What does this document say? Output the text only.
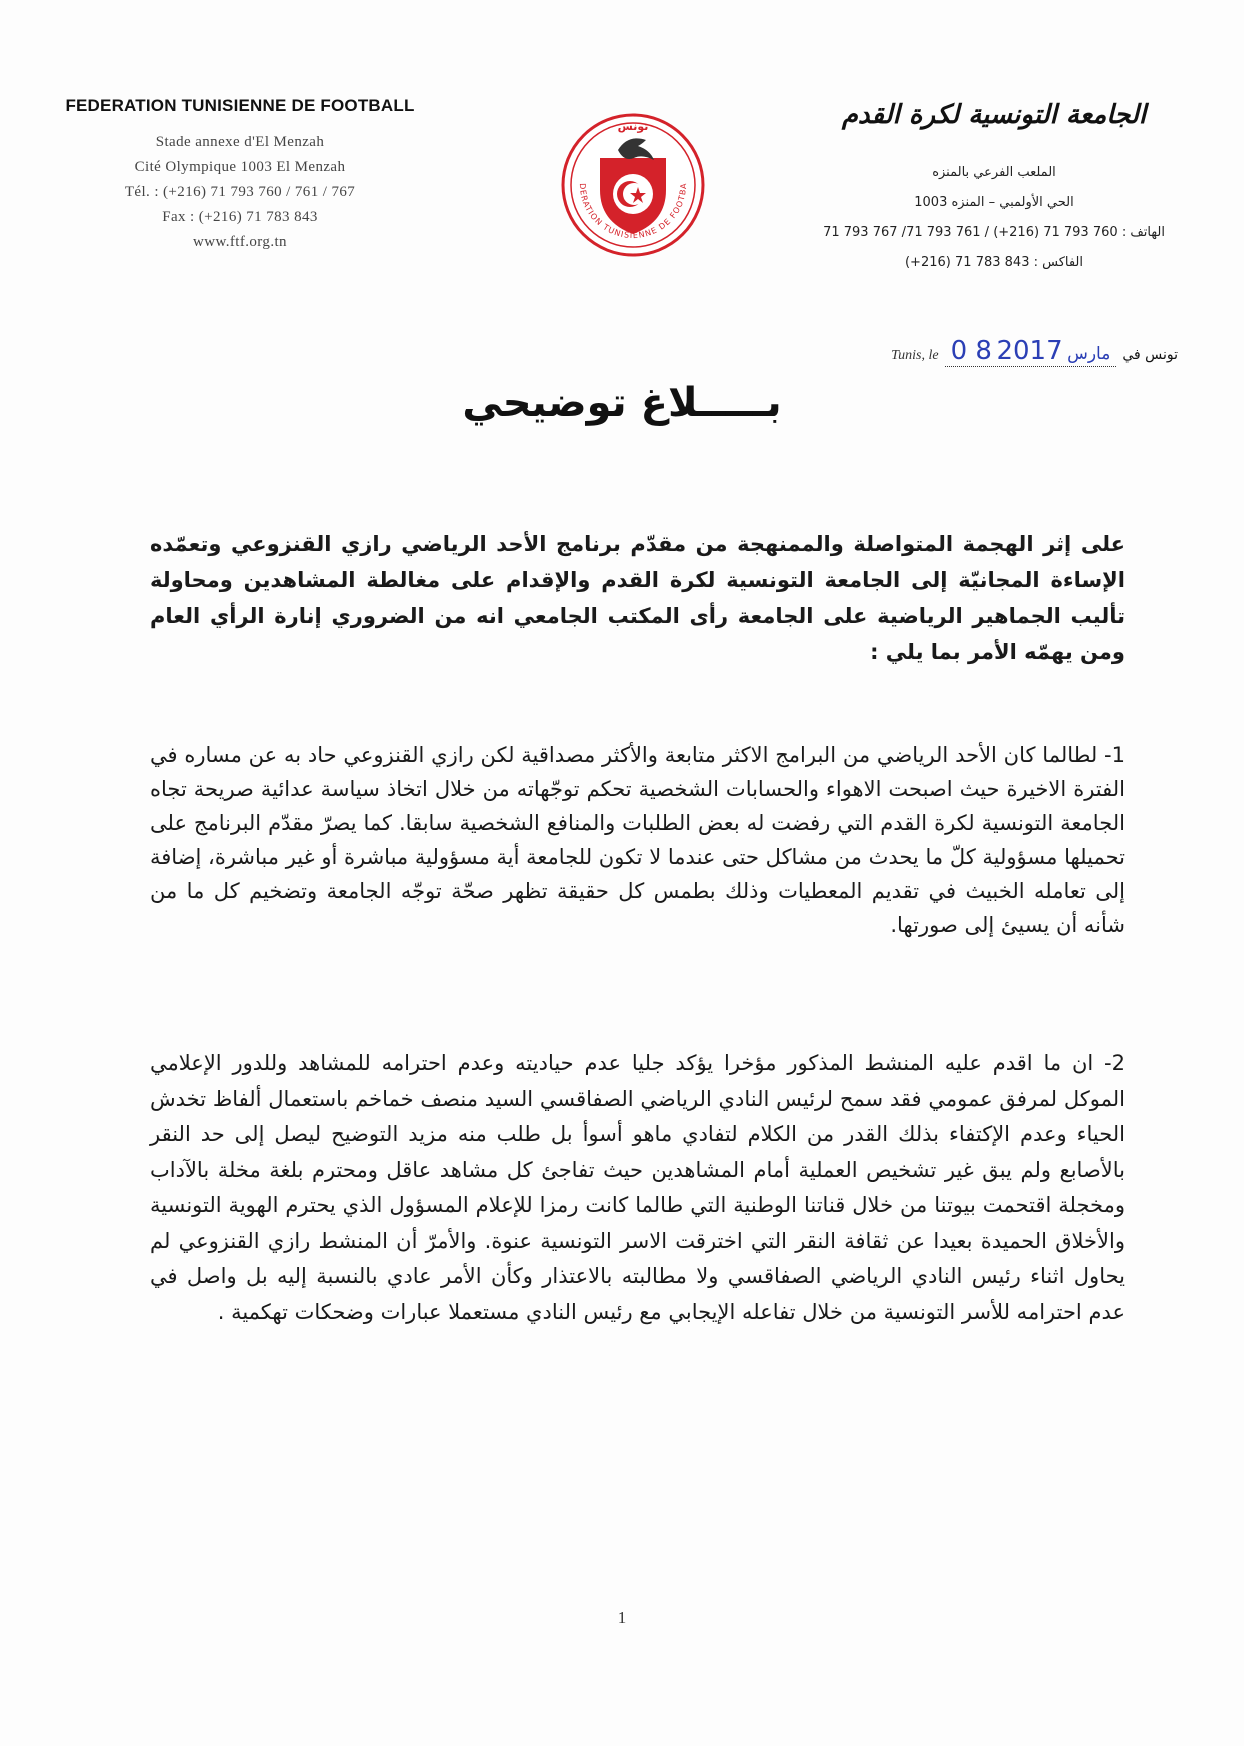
FEDERATION TUNISIENNE DE FOOTBALL
Stade annexe d'El Menzah
Cité Olympique 1003 El Menzah
Tél. : (+216) 71 793 760 / 761 / 767
Fax : (+216) 71 783 843
www.ftf.org.tn
DERATION TUNISIENNE DE FOOTBA
تونس	الجامعة التونسية لكرة القدم
الملعب الفرعي بالمنزه
الحي الأولمبي – المنزه 1003
الهاتف : 760 793 71 (216+) / 761 793 71/ 767 793 71
الفاكس : 843 783 71 (216+)
تونس في
0 8	مارس 2017
Tunis, le
بـــــلاغ توضيحي
على إثر الهجمة المتواصلة والممنهجة من مقدّم برنامج الأحد الرياضي رازي القنزوعي وتعمّده الإساءة المجانيّة إلى الجامعة التونسية لكرة القدم والإقدام على مغالطة المشاهدين ومحاولة تأليب الجماهير الرياضية على الجامعة رأى المكتب الجامعي انه من الضروري إنارة الرأي العام ومن يهمّه الأمر بما يلي :
1- لطالما كان الأحد الرياضي من البرامج الاكثر متابعة والأكثر مصداقية لكن رازي القنزوعي حاد به عن مساره في الفترة الاخيرة حيث اصبحت الاهواء والحسابات الشخصية تحكم توجّهاته من خلال اتخاذ سياسة عدائية صريحة تجاه الجامعة التونسية لكرة القدم التي رفضت له بعض الطلبات والمنافع الشخصية سابقا. كما يصرّ مقدّم البرنامج على تحميلها مسؤولية كلّ ما يحدث من مشاكل حتى عندما لا تكون للجامعة أية مسؤولية مباشرة أو غير مباشرة، إضافة إلى تعامله الخبيث في تقديم المعطيات وذلك بطمس كل حقيقة تظهر صحّة توجّه الجامعة وتضخيم كل ما من شأنه أن يسيئ إلى صورتها.
2- ان ما اقدم عليه المنشط المذكور مؤخرا يؤكد جليا عدم حياديته وعدم احترامه للمشاهد وللدور الإعلامي الموكل لمرفق عمومي فقد سمح لرئيس النادي الرياضي الصفاقسي السيد منصف خماخم باستعمال ألفاظ تخدش الحياء وعدم الإكتفاء بذلك القدر من الكلام لتفادي ماهو أسوأ بل طلب منه مزيد التوضيح ليصل إلى حد النقر بالأصابع ولم يبق غير تشخيص العملية أمام المشاهدين حيث تفاجئ كل مشاهد عاقل ومحترم بلغة مخلة بالآداب ومخجلة اقتحمت بيوتنا من خلال قناتنا الوطنية التي طالما كانت رمزا للإعلام المسؤول الذي يحترم الهوية التونسية والأخلاق الحميدة بعيدا عن ثقافة النقر التي اخترقت الاسر التونسية عنوة. والأمرّ أن المنشط رازي القنزوعي لم يحاول اثناء رئيس النادي الرياضي الصفاقسي ولا مطالبته بالاعتذار وكأن الأمر عادي بالنسبة إليه بل واصل في عدم احترامه للأسر التونسية من خلال تفاعله الإيجابي مع رئيس النادي مستعملا عبارات وضحكات تهكمية .
1
